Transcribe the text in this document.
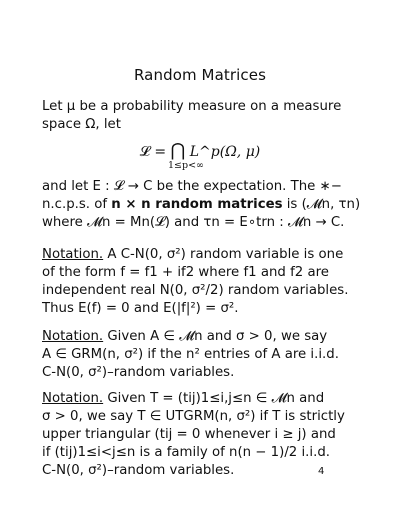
Random Matrices
Let μ be a probability measure on a measure
space Ω, let
𝓛 = ⋂ L^p(Ω, μ)
1≤p<∞
and let E : 𝓛 → C be the expectation. The ∗−
n.c.p.s. of n × n random matrices is (𝓜n, τn)
where 𝓜n = Mn(𝓛) and τn = E∘trn : 𝓜n → C.
Notation. A C-N(0, σ²) random variable is one
of the form f = f1 + if2 where f1 and f2 are
independent real N(0, σ²/2) random variables.
Thus E(f) = 0 and E(|f|²) = σ².
Notation. Given A ∈ 𝓜n and σ > 0, we say
A ∈ GRM(n, σ²) if the n² entries of A are i.i.d.
C-N(0, σ²)–random variables.
Notation. Given T = (tij)1≤i,j≤n ∈ 𝓜n and
σ > 0, we say T ∈ UTGRM(n, σ²) if T is strictly
upper triangular (tij = 0 whenever i ≥ j) and
if (tij)1≤i<j≤n is a family of n(n − 1)/2 i.i.d.
C-N(0, σ²)–random variables.	4
